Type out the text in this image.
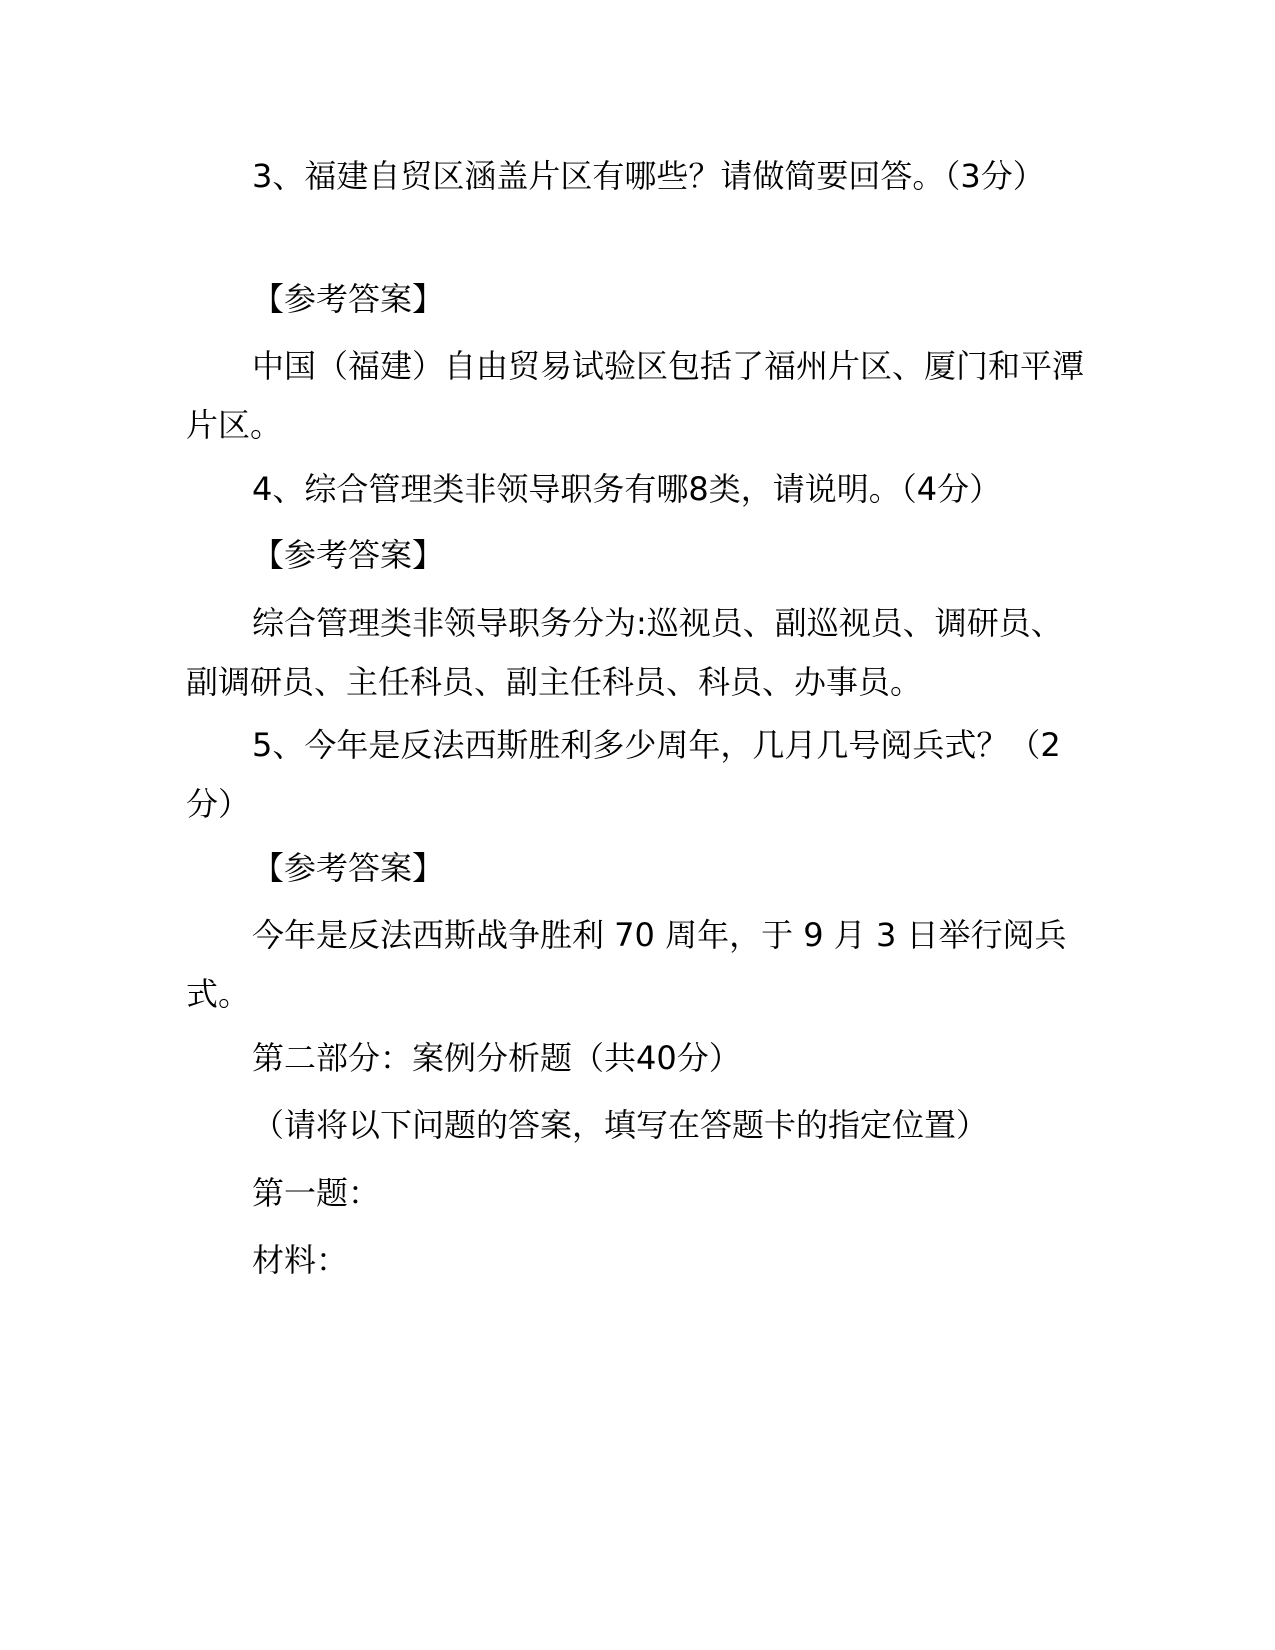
3、福建自贸区涵盖片区有哪些？请做简要回答。（3分）

【参考答案】

中国（福建）自由贸易试验区包括了福州片区、厦门和平潭片区。

4、综合管理类非领导职务有哪8类，请说明。（4分）

【参考答案】

综合管理类非领导职务分为:巡视员、副巡视员、调研员、副调研员、主任科员、副主任科员、科员、办事员。

5、今年是反法西斯胜利多少周年，几月几号阅兵式？（2分）

【参考答案】

今年是反法西斯战争胜利 70 周年，于 9 月 3 日举行阅兵式。

第二部分：案例分析题（共40分）

（请将以下问题的答案，填写在答题卡的指定位置）

第一题：

材料：
